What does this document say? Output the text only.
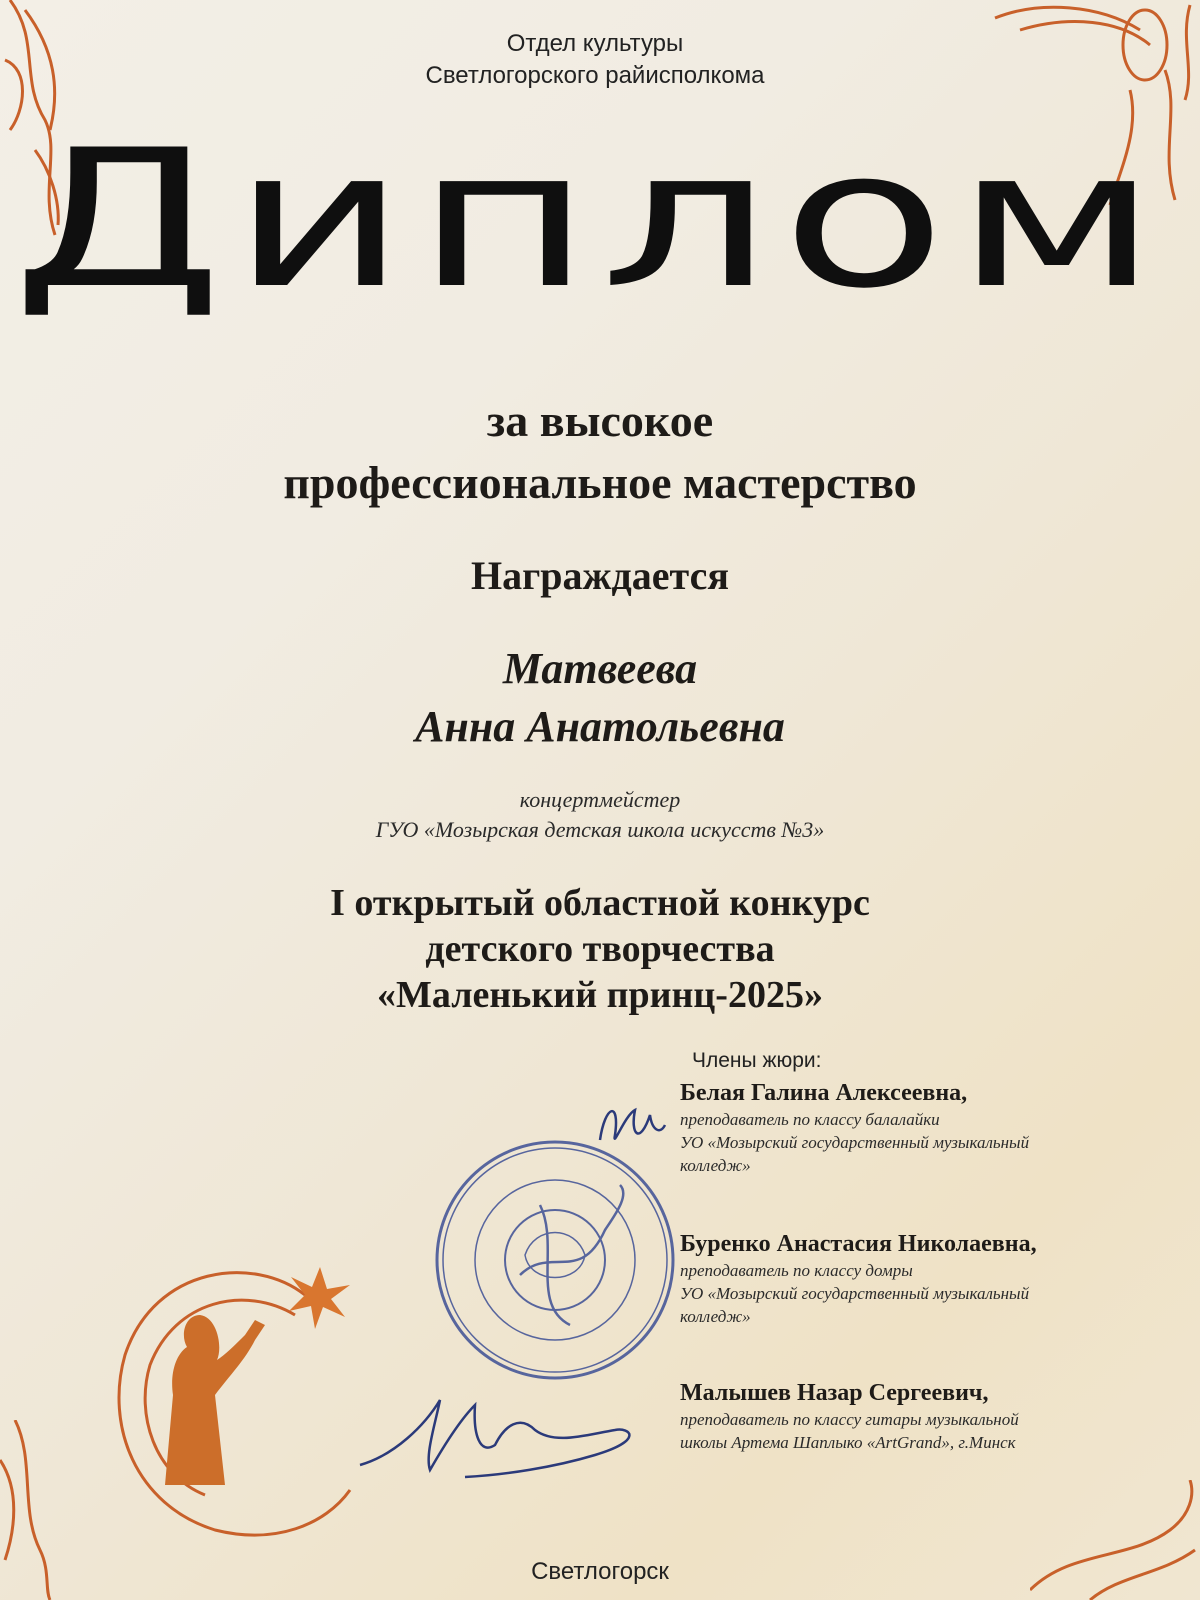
Отдел культуры
Светлогорского райисполкома
Диплом
за высокое
профессиональное мастерство
Награждается
Матвеева
Анна Анатольевна
концертмейстер
ГУО «Мозырская детская школа искусств №3»
I открытый областной конкурс
детского творчества
«Маленький принц-2025»
Члены жюри:
Белая Галина Алексеевна,
преподаватель по классу балалайки
УО «Мозырский государственный музыкальный
колледж»
Буренко Анастасия Николаевна,
преподаватель по классу домры
УО «Мозырский государственный музыкальный
колледж»
Малышев Назар Сергеевич,
преподаватель по классу гитары музыкальной
школы Артема Шаплыко «ArtGrand», г.Минск
Светлогорск
